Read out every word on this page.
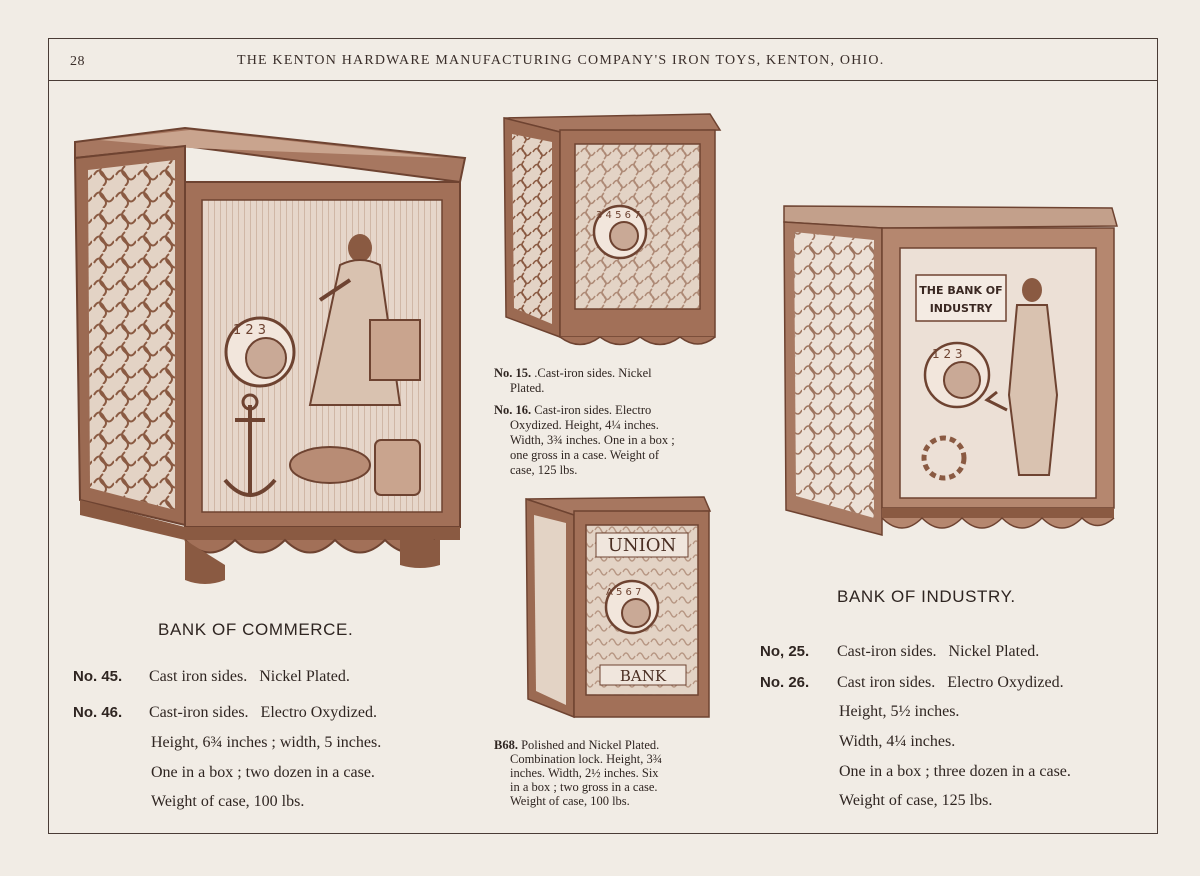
28	THE KENTON HARDWARE MANUFACTURING COMPANY'S IRON TOYS, KENTON, OHIO.
1 2 3
3 4 5 6 7
UNION
A 5 6 7
BANK
THE BANK OF
INDUSTRY
1 2 3
BANK OF COMMERCE.
No. 45. Cast iron sides.   Nickel Plated.
No. 46. Cast-iron sides.   Electro Oxydized.
Height, 6¾ inches ; width, 5 inches.
One in a box ; two dozen in a case.
Weight of case, 100 lbs.
No. 15. .Cast-iron sides. Nickel
Plated.
No. 16. Cast-iron sides. Electro
Oxydized. Height, 4¼ inches.
Width, 3¾ inches. One in a box ;
one gross in a case. Weight of
case, 125 lbs.
B68. Polished and Nickel Plated.
Combination lock. Height, 3¾
inches. Width, 2½ inches. Six
in a box ; two gross in a case.
Weight of case, 100 lbs.
BANK OF INDUSTRY.
No, 25. Cast-iron sides.   Nickel Plated.
No. 26. Cast iron sides.   Electro Oxydized.
Height, 5½ inches.
Width, 4¼ inches.
One in a box ; three dozen in a case.
Weight of case, 125 lbs.
